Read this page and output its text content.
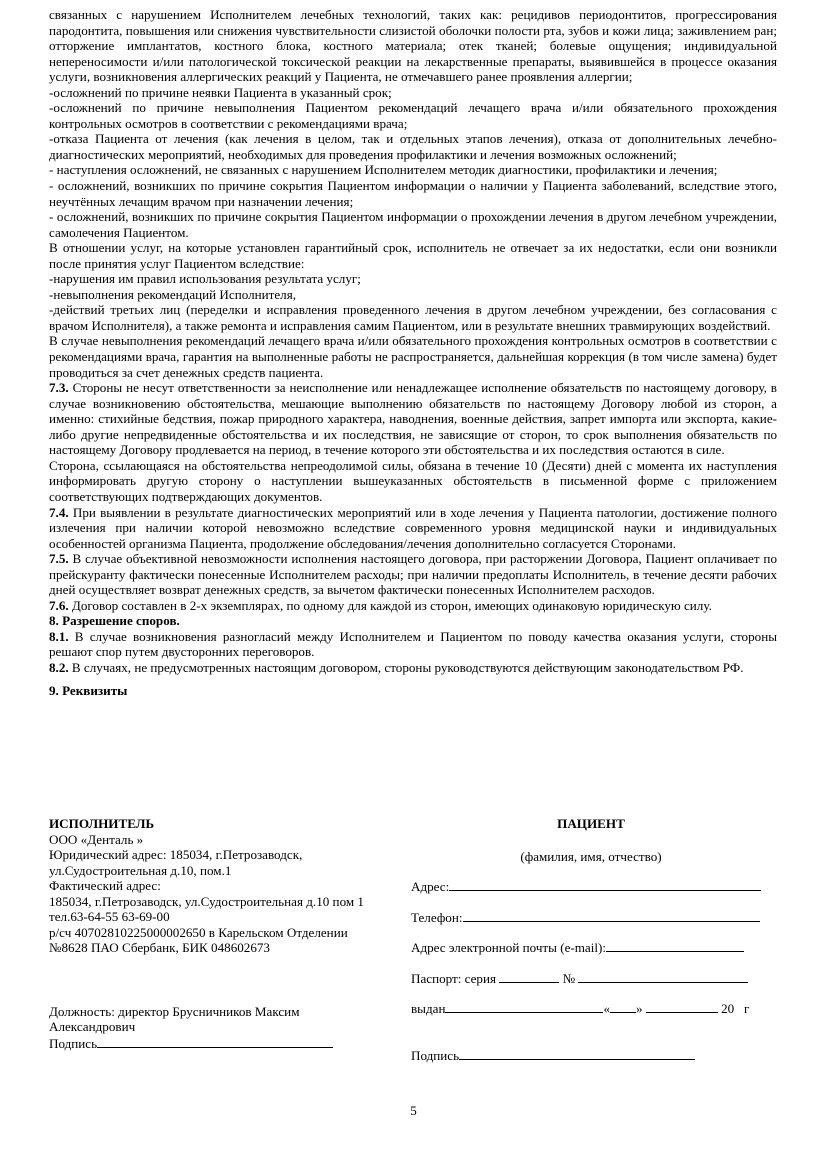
связанных с нарушением Исполнителем лечебных технологий, таких как: рецидивов периодонтитов, прогрессирования пародонтита, повышения или снижения чувствительности слизистой оболочки полости рта, зубов и кожи лица; заживлением ран; отторжение имплантатов, костного блока, костного материала; отек тканей; болевые ощущения; индивидуальной непереносимости и/или патологической токсической реакции на лекарственные препараты, выявившейся в процессе оказания услуги, возникновения аллергических реакций у Пациента, не отмечавшего ранее проявления аллергии;

-осложнений по причине неявки Пациента в указанный срок;

-осложнений по причине невыполнения Пациентом рекомендаций лечащего врача и/или обязательного прохождения контрольных осмотров в соответствии с рекомендациями врача;

-отказа Пациента от лечения (как лечения в целом, так и отдельных этапов лечения), отказа от дополнительных лечебно-диагностических мероприятий, необходимых для проведения профилактики и лечения возможных осложнений;

- наступления осложнений, не связанных с нарушением Исполнителем методик диагностики, профилактики и лечения;

- осложнений, возникших по причине сокрытия Пациентом информации о наличии у Пациента заболеваний, вследствие этого, неучтённых лечащим врачом при назначении лечения;

- осложнений, возникших по причине сокрытия Пациентом информации о прохождении лечения в другом лечебном учреждении, самолечения Пациентом.

В отношении услуг, на которые установлен гарантийный срок, исполнитель не отвечает за их недостатки, если они возникли после принятия услуг Пациентом вследствие:

-нарушения им правил использования результата услуг;

-невыполнения рекомендаций Исполнителя,

-действий третьих лиц (переделки и исправления проведенного лечения в другом лечебном учреждении, без согласования с врачом Исполнителя), а также ремонта и исправления самим Пациентом, или в результате внешних травмирующих воздействий.

В случае невыполнения рекомендаций лечащего врача и/или обязательного прохождения контрольных осмотров в соответствии с рекомендациями врача, гарантия на выполненные работы не распространяется, дальнейшая коррекция (в том числе замена) будет проводиться за счет денежных средств пациента.

7.3. Стороны не несут ответственности за неисполнение или ненадлежащее исполнение обязательств по настоящему договору, в случае возникновению обстоятельства, мешающие выполнению обязательств по настоящему Договору любой из сторон, а именно: стихийные бедствия, пожар природного характера, наводнения, военные действия, запрет импорта или экспорта, какие-либо другие непредвиденные обстоятельства и их последствия, не зависящие от сторон, то срок выполнения обязательств по настоящему Договору продлевается на период, в течение которого эти обстоятельства и их последствия остаются в силе.

Сторона, ссылающаяся на обстоятельства непреодолимой силы, обязана в течение 10 (Десяти) дней с момента их наступления информировать другую сторону о наступлении вышеуказанных обстоятельств в письменной форме с приложением соответствующих подтверждающих документов.

7.4. При выявлении в результате диагностических мероприятий или в ходе лечения у Пациента патологии, достижение полного излечения при наличии которой невозможно вследствие современного уровня медицинской науки и индивидуальных особенностей организма Пациента, продолжение обследования/лечения дополнительно согласуется Сторонами.

7.5. В случае объективной невозможности исполнения настоящего договора, при расторжении Договора, Пациент оплачивает по прейскуранту фактически понесенные Исполнителем расходы; при наличии предоплаты Исполнитель, в течение десяти рабочих дней осуществляет возврат денежных средств, за вычетом фактически понесенных Исполнителем расходов.

7.6. Договор составлен в 2-х экземплярах, по одному для каждой из сторон, имеющих одинаковую юридическую силу.

8. Разрешение споров.

8.1. В случае возникновения разногласий между Исполнителем и Пациентом по поводу качества оказания услуги, стороны решают спор путем двусторонних переговоров.

8.2. В случаях, не предусмотренных настоящим договором, стороны руководствуются действующим законодательством РФ.

9. Реквизиты

ИСПОЛНИТЕЛЬ
ООО «Денталь »
Юридический адрес: 185034, г.Петрозаводск,
ул.Судостроительная д.10, пом.1
Фактический адрес:
185034, г.Петрозаводск, ул.Судостроительная д.10 пом 1
тел.63-64-55 63-69-00
р/сч 40702810225000002650 в Карельском Отделении
№8628 ПАО Сбербанк, БИК 048602673
Должность: директор Брусничников Максим
Александрович
Подпись
ПАЦИЕНТ
(фамилия, имя, отчество)
Адрес:
Телефон:
Адрес электронной почты (e-mail):
Паспорт: серия	№
выдан	« »	20 г
Подпись
5
